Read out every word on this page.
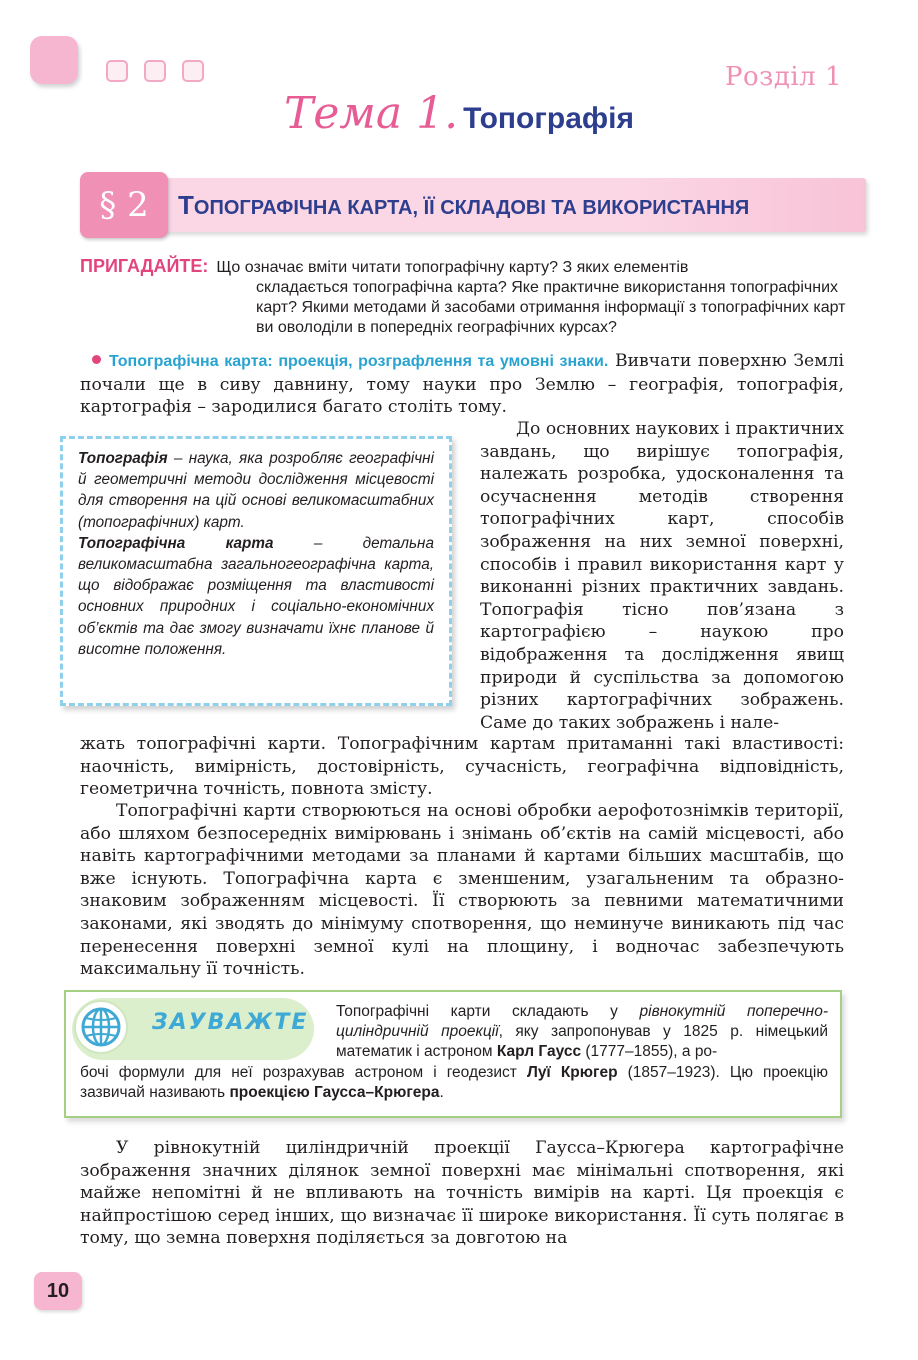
Розділ 1
Тема 1. Топографія
§ 2	ТОПОГРАФІЧНА КАРТА, ЇЇ СКЛАДОВІ ТА ВИКОРИСТАННЯ
ПРИГАДАЙТЕ: Що означає вміти читати топографічну карту? З яких елементів
складається топографічна карта? Яке практичне використання топографічних карт? Якими методами й засобами отримання інформації з топографічних карт ви оволоділи в попередніх географічних курсах?
Топографічна карта: проекція, розграфлення та умовні знаки. Вивчати поверхню Землі почали ще в сиву давнину, тому науки про Землю – географія, топографія, картографія – зародилися багато століть тому.
Топографія – наука, яка розробляє географічні й геометричні методи дослідження місцевості для створення на цій основі великомасштабних (топографічних) карт.
Топографічна карта – детальна великомасштабна загальногеографічна карта, що відображає розміщення та властивості основних природних і соціально-економічних об’єктів та дає змогу визначати їхнє планове й висотне положення.
До основних наукових і практичних завдань, що вирішує топографія, належать розробка, удосконалення та осучаснення методів створення топографічних карт, способів зображення на них земної поверхні, способів і правил використання карт у виконанні різних практичних завдань. Топографія тісно пов’язана з картографією – наукою про відображення та дослідження явищ природи й суспільства за допомогою різних картографічних зображень. Саме до таких зображень і нале-
жать топографічні карти. Топографічним картам притаманні такі властивості: наочність, вимірність, достовірність, сучасність, географічна відповідність, геометрична точність, повнота змісту.
Топографічні карти створюються на основі обробки аерофотознімків території, або шляхом безпосередніх вимірювань і знімань об’єктів на самій місцевості, або навіть картографічними методами за планами й картами більших масштабів, що вже існують. Топографічна карта є зменшеним, узагальненим та образно-знаковим зображенням місцевості. Її створюють за певними математичними законами, які зводять до мінімуму спотворення, що неминуче виникають під час перенесення поверхні земної кулі на площину, і водночас забезпечують максимальну її точність.
ЗАУВАЖТЕ Топографічні карти складають у рівнокутній поперечно-циліндричній проекції, яку запропонував у 1825 р. німецький математик і астроном Карл Гаусс (1777–1855), а ро-
бочі формули для неї розрахував астроном і геодезист Луї Крюгер (1857–1923). Цю проекцію зазвичай називають проекцією Гаусса–Крюгера.
У рівнокутній циліндричній проекції Гаусса–Крюгера картографічне зображення значних ділянок земної поверхні має мінімальні спотворення, які майже непомітні й не впливають на точність вимірів на карті. Ця проекція є найпростішою серед інших, що визначає її широке використання. Її суть полягає в тому, що земна поверхня поділяється за довготою на
10
